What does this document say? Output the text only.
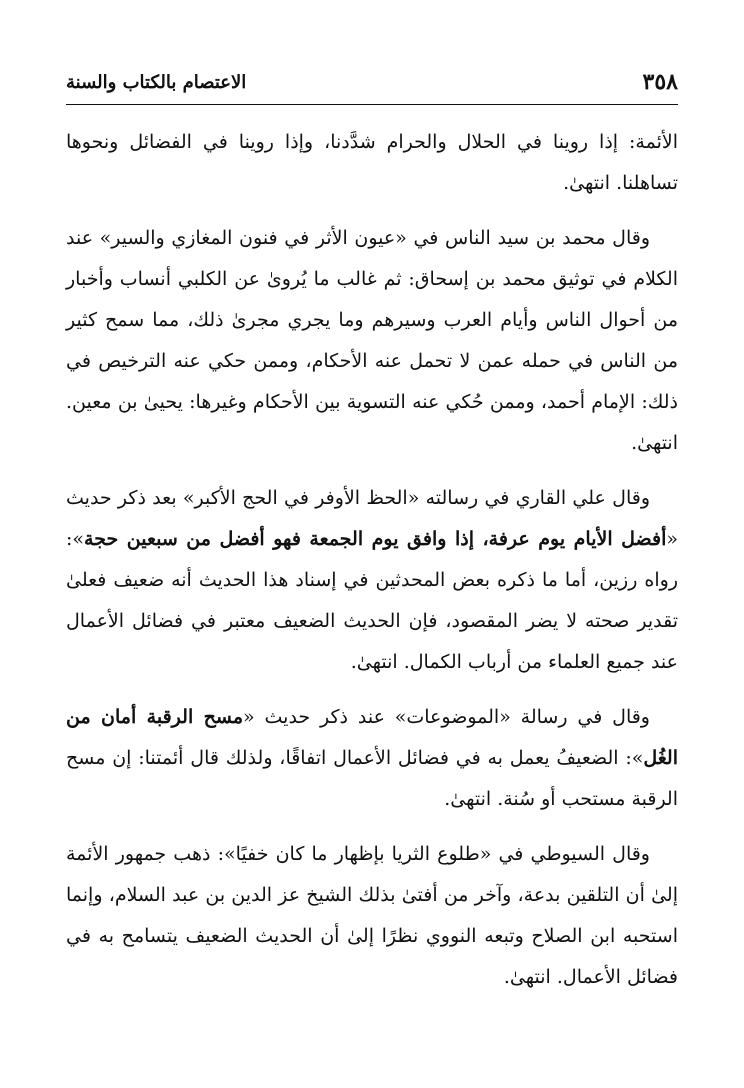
٣٥٨
الاعتصام بالكتاب والسنة

الأئمة: إذا روينا في الحلال والحرام شدَّدنا، وإذا روينا في الفضائل ونحوها تساهلنا. انتهىٰ.

وقال محمد بن سيد الناس في «عيون الأثر في فنون المغازي والسير» عند الكلام في توثيق محمد بن إسحاق: ثم غالب ما يُروىٰ عن الكلبي أنساب وأخبار من أحوال الناس وأيام العرب وسيرهم وما يجري مجرىٰ ذلك، مما سمح كثير من الناس في حمله عمن لا تحمل عنه الأحكام، وممن حكي عنه الترخيص في ذلك: الإمام أحمد، وممن حُكي عنه التسوية بين الأحكام وغيرها: يحيىٰ بن معين. انتهىٰ.

وقال علي القاري في رسالته «الحظ الأوفر في الحج الأكبر» بعد ذكر حديث «أفضل الأيام يوم عرفة، إذا وافق يوم الجمعة فهو أفضل من سبعين حجة»: رواه رزين، أما ما ذكره بعض المحدثين في إسناد هذا الحديث أنه ضعيف فعلىٰ تقدير صحته لا يضر المقصود، فإن الحديث الضعيف معتبر في فضائل الأعمال عند جميع العلماء من أرباب الكمال. انتهىٰ.

وقال في رسالة «الموضوعات» عند ذكر حديث «مسح الرقبة أمان من الغُل»: الضعيفُ يعمل به في فضائل الأعمال اتفاقًا، ولذلك قال أئمتنا: إن مسح الرقبة مستحب أو سُنة. انتهىٰ.

وقال السيوطي في «طلوع الثريا بإظهار ما كان خفيًا»: ذهب جمهور الأئمة إلىٰ أن التلقين بدعة، وآخر من أفتىٰ بذلك الشيخ عز الدين بن عبد السلام، وإنما استحبه ابن الصلاح وتبعه النووي نظرًا إلىٰ أن الحديث الضعيف يتسامح به في فضائل الأعمال. انتهىٰ.
